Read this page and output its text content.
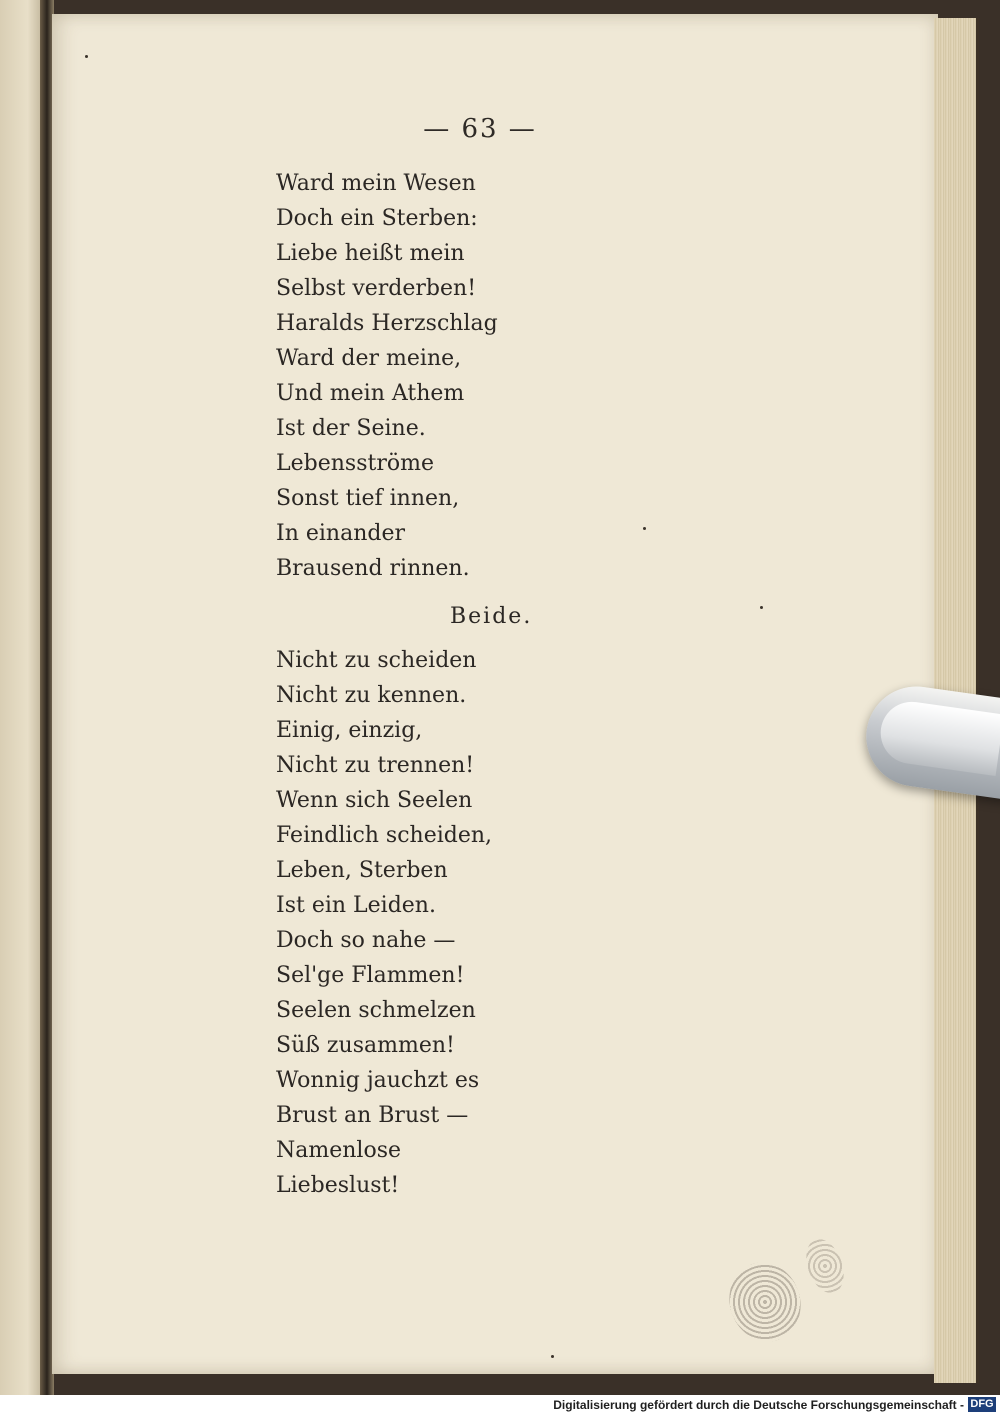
— 63 —
Ward mein Wesen
Doch ein Sterben:
Liebe heißt mein
Selbst verderben!
Haralds Herzschlag
Ward der meine,
Und mein Athem
Ist der Seine.
Lebensströme
Sonst tief innen,
In einander
Brausend rinnen.
Beide.
Nicht zu scheiden
Nicht zu kennen.
Einig, einzig,
Nicht zu trennen!
Wenn sich Seelen
Feindlich scheiden,
Leben, Sterben
Ist ein Leiden.
Doch so nahe —
Sel'ge Flammen!
Seelen schmelzen
Süß zusammen!
Wonnig jauchzt es
Brust an Brust —
Namenlose
Liebeslust!
Digitalisierung gefördert durch die Deutsche Forschungsgemeinschaft - DFG
